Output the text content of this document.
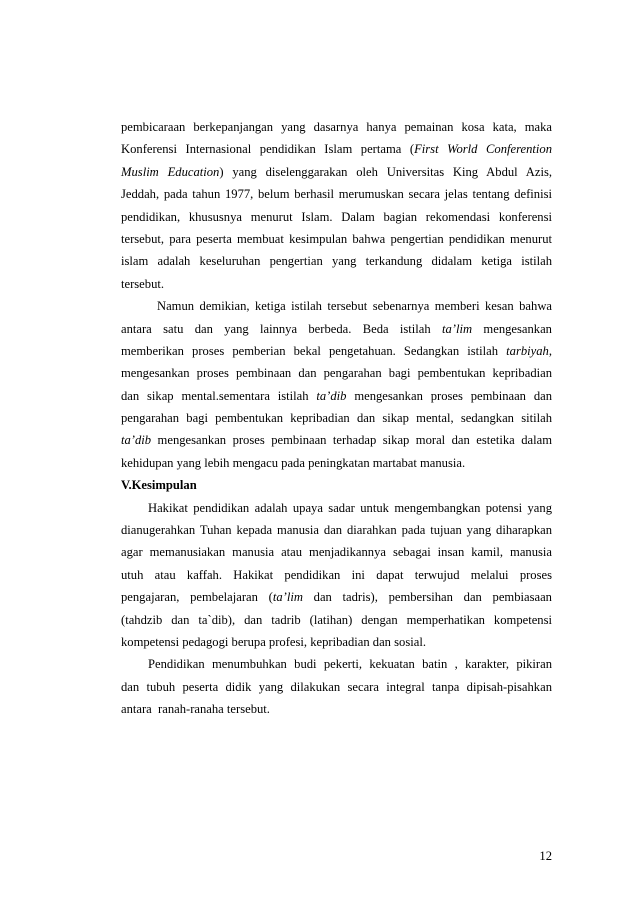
pembicaraan berkepanjangan yang dasarnya hanya pemainan kosa kata, maka
Konferensi Internasional pendidikan Islam pertama (First World Conferention
Muslim Education) yang diselenggarakan oleh Universitas King Abdul Azis,
Jeddah, pada tahun 1977, belum berhasil merumuskan secara jelas tentang definisi
pendidikan, khususnya menurut Islam. Dalam bagian rekomendasi konferensi
tersebut, para peserta membuat kesimpulan bahwa pengertian pendidikan menurut
islam adalah keseluruhan pengertian yang terkandung didalam ketiga istilah
tersebut.
Namun demikian, ketiga istilah tersebut sebenarnya memberi kesan bahwa
antara satu dan yang lainnya berbeda. Beda istilah ta’lim mengesankan
memberikan proses pemberian bekal pengetahuan. Sedangkan istilah tarbiyah,
mengesankan proses pembinaan dan pengarahan bagi pembentukan kepribadian
dan sikap mental.sementara istilah ta’dib mengesankan proses pembinaan dan
pengarahan bagi pembentukan kepribadian dan sikap mental, sedangkan sitilah
ta’dib mengesankan proses pembinaan terhadap sikap moral dan estetika dalam
kehidupan yang lebih mengacu pada peningkatan martabat manusia.
V.Kesimpulan
Hakikat pendidikan adalah upaya sadar untuk mengembangkan potensi yang
dianugerahkan Tuhan kepada manusia dan diarahkan pada tujuan yang diharapkan
agar memanusiakan manusia atau menjadikannya sebagai insan kamil, manusia
utuh atau kaffah. Hakikat pendidikan ini dapat terwujud melalui proses
pengajaran, pembelajaran (ta’lim dan tadris), pembersihan dan pembiasaan
(tahdzib dan ta`dib), dan tadrib (latihan) dengan memperhatikan kompetensi
kompetensi pedagogi berupa profesi, kepribadian dan sosial.
Pendidikan menumbuhkan budi pekerti, kekuatan batin , karakter, pikiran
dan tubuh peserta didik yang dilakukan secara integral tanpa dipisah-pisahkan
antara  ranah-ranaha tersebut.
12
